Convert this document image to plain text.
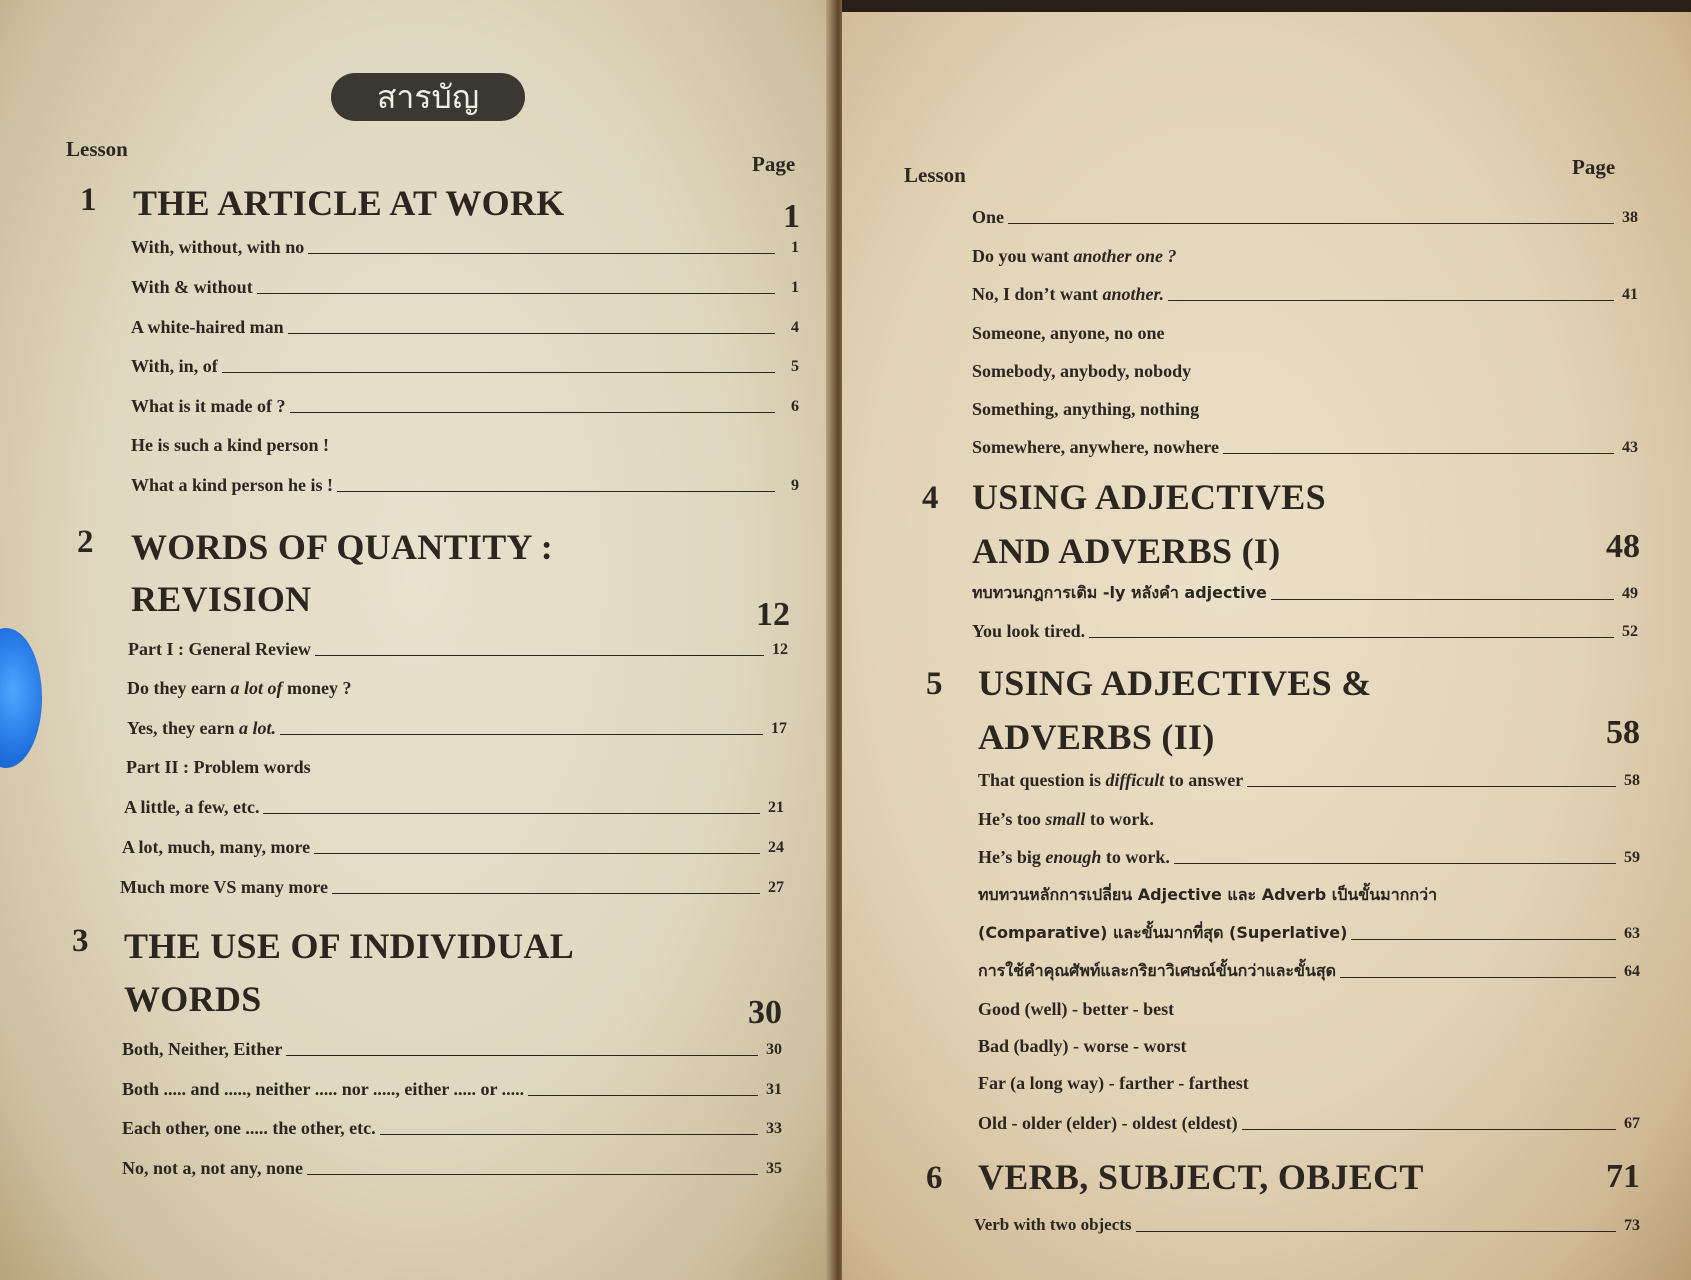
สารบัญ
Lesson
Page
1 THE ARTICLE AT WORK	1
With, without, with no	1
With & without	1
A white-haired man	4
With, in, of	5
What is it made of ?	6
He is such a kind person !
What a kind person he is !	9
2 WORDS OF QUANTITY :
REVISION	12
Part I : General Review	12
Do they earn a lot of money ?
Yes, they earn a lot.	17
Part II : Problem words
A little, a few, etc.	21
A lot, much, many, more	24
Much more VS many more	27
3 THE USE OF INDIVIDUAL
WORDS	30
Both, Neither, Either	30
Both ..... and ....., neither ..... nor ....., either ..... or .....	31
Each other, one ..... the other, etc.	33
No, not a, not any, none	35
Lesson	Page
One	38
Do you want another one ?
No, I don’t want another.	41
Someone, anyone, no one
Somebody, anybody, nobody
Something, anything, nothing
Somewhere, anywhere, nowhere	43
4 USING ADJECTIVES
AND ADVERBS (I)	48
ทบทวนกฎการเติม -ly หลังคำ adjective	49
You look tired.	52
5 USING ADJECTIVES &
ADVERBS (II)	58
That question is difficult to answer	58
He’s too small to work.
He’s big enough to work.	59
ทบทวนหลักการเปลี่ยน Adjective และ Adverb เป็นขั้นมากกว่า
(Comparative) และขั้นมากที่สุด (Superlative)	63
การใช้คำคุณศัพท์และกริยาวิเศษณ์ขั้นกว่าและขั้นสุด	64
Good (well) - better - best
Bad (badly) - worse - worst
Far (a long way) - farther - farthest
Old - older (elder) - oldest (eldest)	67
6 VERB, SUBJECT, OBJECT	71
Verb with two objects	73
